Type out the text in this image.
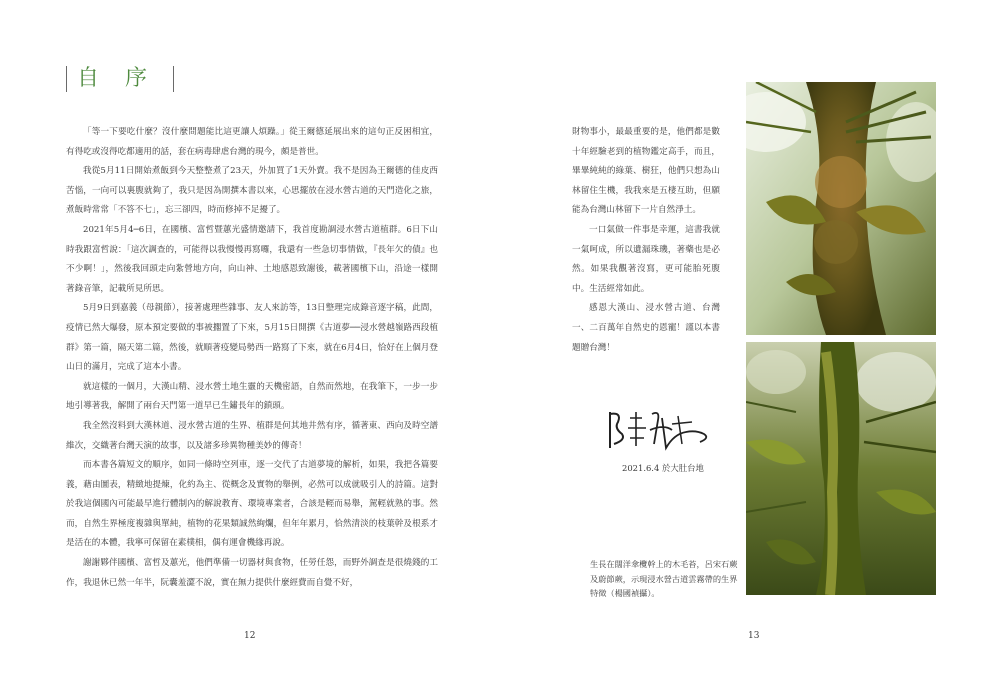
自序

「等一下要吃什麼？沒什麼問題能比這更讓人煩躁。」從王爾德延展出來的這句正反困相宜，有得吃或沒得吃都適用的話，套在病毒肆虐台灣的現今，頗是普世。

我從5月11日開始煮飯到今天整整煮了23天，外加買了1天外賣。我不是因為王爾德的佳皮西苦惱，一向可以裏腹就夠了，我只是因為開撰本書以來，心思擺放在浸水營古道的天門造化之旅，煮飯時常常「不答不七」，忘三卻四，時而修掉不足擾了。

2021年5月4─6日，在國檳、富哲暨蕙光盛情邀請下，我首度勘調浸水營古道植群。6日下山時我跟富哲說：「這次調查的，可能得以我慢慢再寫囉，我還有一些急切事情做，『長年欠的債』也不少啊！」，然後我回頭走向紮營地方向，向山神、土地感恩致謝後，載著國檳下山，沿途一樣開著錄音筆，記載所見所思。

5月9日到嘉義（母親節），接著處理些雜事、友人來訪等，13日整理完成錄音逐字稿，此間，疫情已然大爆發，原本預定要做的事被擱置了下來，5月15日開撰《古道夢──浸水營越嶺路西段植群》第一篇，隔天第二篇，然後，就順著疫變局勢西一路寫了下來，就在6月4日，恰好在上個月登山日的滿月，完成了這本小書。

就這樣的一個月，大漢山精、浸水營土地生靈的天機密語，自然而然地，在我筆下，一步一步地引導著我，解開了兩台天門第一道早已生鏽長年的鎖頭。

我全然沒料到大漢林道、浸水營古道的生界、植群是何其地井然有序，循著東、西向及時空譜維次，交織著台灣天演的故事，以及諸多珍異物種美妙的傳奇！

而本書各篇短文的順序，如同一條時空列車，逐一交代了古道夢境的解析，如果，我把各篇要義，藉由圖表，精緻地提煉，化約為主、從概念及實物的舉例，必然可以成就吸引人的詩篇。這對於我這個國內可能最早進行體制內的解說教育、環境專業者，合該是輕而易舉，駕輕就熟的事。然而，自然生界極度複雜與單純，植物的花果類誠然絢爛，但年年累月，恰然清淡的枝葉幹及根系才是活在的本體，我寧可保留在素樸相，偶有運會機緣再說。

謝謝夥伴國檳、富哲及蕙光，他們準備一切器材與食物，任勞任怨，而野外調查是很燒錢的工作，我退休已然一年半，阮囊羞澀不說，實在無力提供什麼經費而自覺不好，

財物事小，最最重要的是，他們都是數十年經驗老到的植物鑑定高手，而且，畢畢純純的綠葉、樹狂，他們只想為山林留住生機，我我來是五棲互助，但願能為台灣山林留下一片自然淨土。

一口氣做一件事是幸運，這書我就一氣呵成，所以遺漏珠璣，著藥也是必然。如果我觀著沒寫，更可能胎死腹中。生活經常如此。

感恩大漢山、浸水營古道、台灣一、二百萬年自然史的恩寵！謹以本書題贈台灣！

2021.6.4 於大肚台地
生長在闊洋傘欖幹上的木毛苔，呂宋石蕨及蔚節蕨，示現浸水營古道雲霧帶的生界特徵（楊國禎攝）。
12	13
